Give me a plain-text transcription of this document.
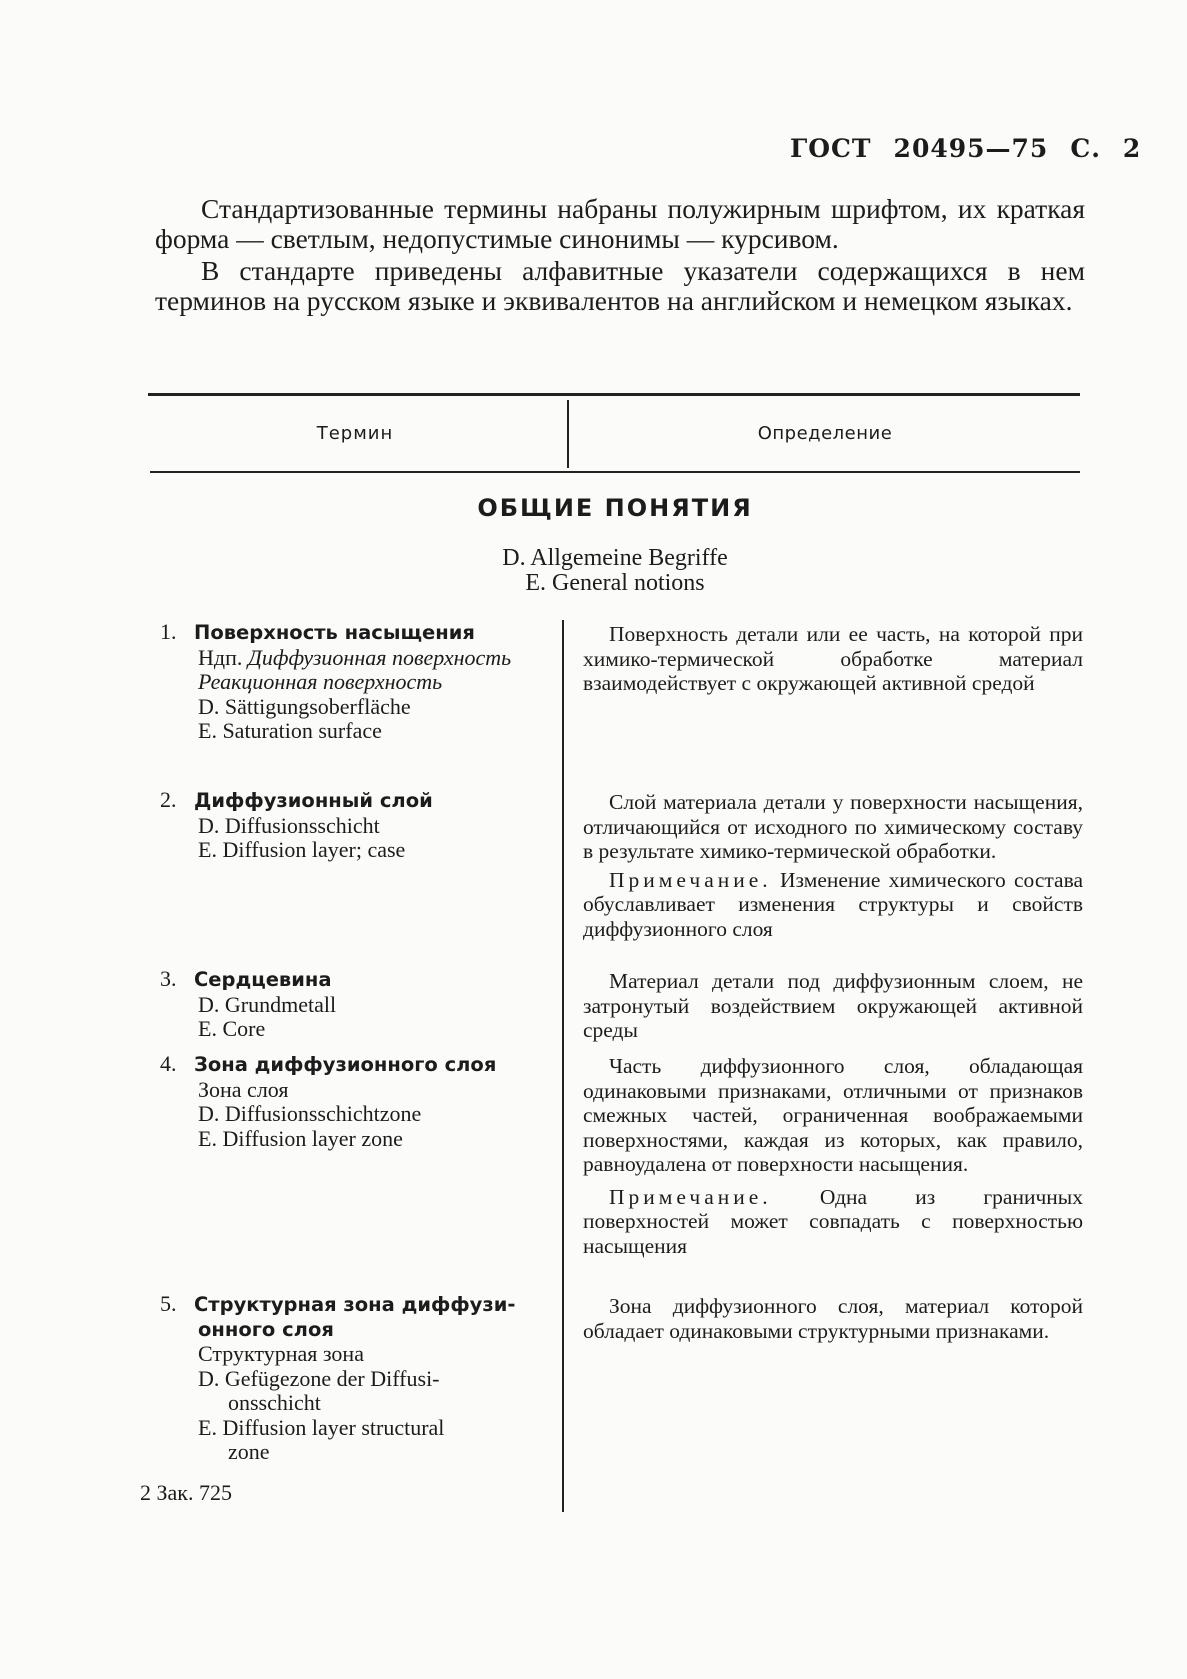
ГОСТ 20495—75 С. 2

Стандартизованные термины набраны полужирным шрифтом, их краткая форма — светлым, недопустимые синонимы — курсивом.

В стандарте приведены алфавитные указатели содержащихся в нем терминов на русском языке и эквивалентов на английском и немецком языках.

Термин	Определение
ОБЩИЕ ПОНЯТИЯ
D. Allgemeine Begriffe
E. General notions
1. Поверхность насыщения
Ндп. Диффузионная поверхность
Реакционная поверхность
D. Sättigungsoberfläche
E. Saturation surface

Поверхность детали или ее часть, на которой при химико-термической обработке материал взаимодействует с окружающей активной средой

2. Диффузионный слой
D. Diffusionsschicht
E. Diffusion layer; case

Слой материала детали у поверхности насыщения, отличающийся от исходного по химическому составу в результате химико-термической обработки.

Примечание. Изменение химического состава обуславливает изменения структуры и свойств диффузионного слоя

3. Сердцевина
D. Grundmetall
E. Core

Материал детали под диффузионным слоем, не затронутый воздействием окружающей активной среды

4. Зона диффузионного слоя
Зона слоя
D. Diffusionsschichtzone
E. Diffusion layer zone

Часть диффузионного слоя, обладающая одинаковыми признаками, отличными от признаков смежных частей, ограниченная воображаемыми поверхностями, каждая из которых, как правило, равноудалена от поверхности насыщения.

Примечание. Одна из граничных поверхностей может совпадать с поверхностью насыщения

5. Структурная зона диффузи-
онного слоя
Структурная зона
D. Gefügezone der Diffusi-
onsschicht
E. Diffusion layer structural
zone

Зона диффузионного слоя, материал которой обладает одинаковыми структурными признаками.

2 Зак. 725
